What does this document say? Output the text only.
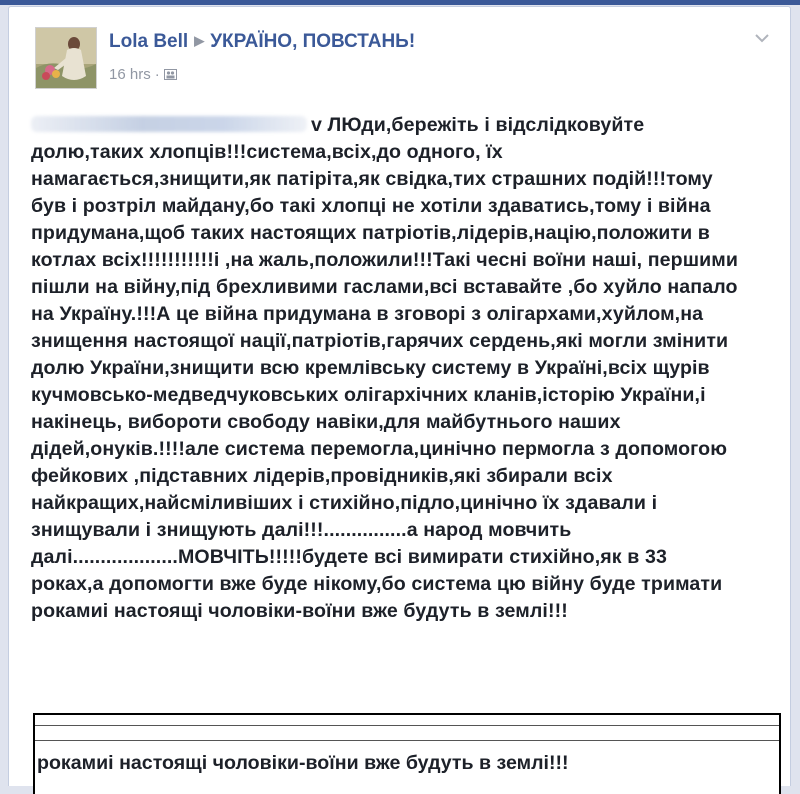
Lola Bell ▶ УКРАЇНО, ПОВСТАНЬ!
16 hrs ·

v ЛЮди,бережіть і відслідковуйте

долю,таких хлопців!!!система,всіх,до одного, їх

намагається,знищити,як патіріта,як свідка,тих страшних подій!!!тому

був і розтріл майдану,бо такі хлопці не хотіли здаватись,тому і війна

придумана,щоб таких настоящих патріотів,лідерів,націю,положити в

котлах всіх!!!!!!!!!!!і ,на жаль,положили!!!Такі чесні воїни наші, першими

пішли на війну,під брехливими гаслами,всі вставайте ,бо хуйло напало

на Україну.!!!А це війна придумана в зговорі з олігархами,хуйлом,на

знищення настоящої нації,патріотів,гарячих сердень,які могли змінити

долю України,знищити всю кремлівську систему в Україні,всіх щурів

кучмовсько-медведчуковських олігархічних кланів,історію України,і

накінець, вибороти свободу навіки,для майбутнього наших

дідей,онуків.!!!!але система перемогла,цинічно пермогла з допомогою

фейкових ,підставних лідерів,провідників,які збирали всіх

найкращих,найсміливіших і стихійно,підло,цинічно їх здавали і

знищували і знищують далі!!!...............а народ мовчить

далі...................МОВЧІТЬ!!!!!будете всі вимирати стихійно,як в 33

роках,а допомогти вже буде нікому,бо система цю війну буде тримати

рокамиі настоящі чоловіки-воїни вже будуть в землі!!!

рокамиі настоящі чоловіки-воїни вже будуть в землі!!!
